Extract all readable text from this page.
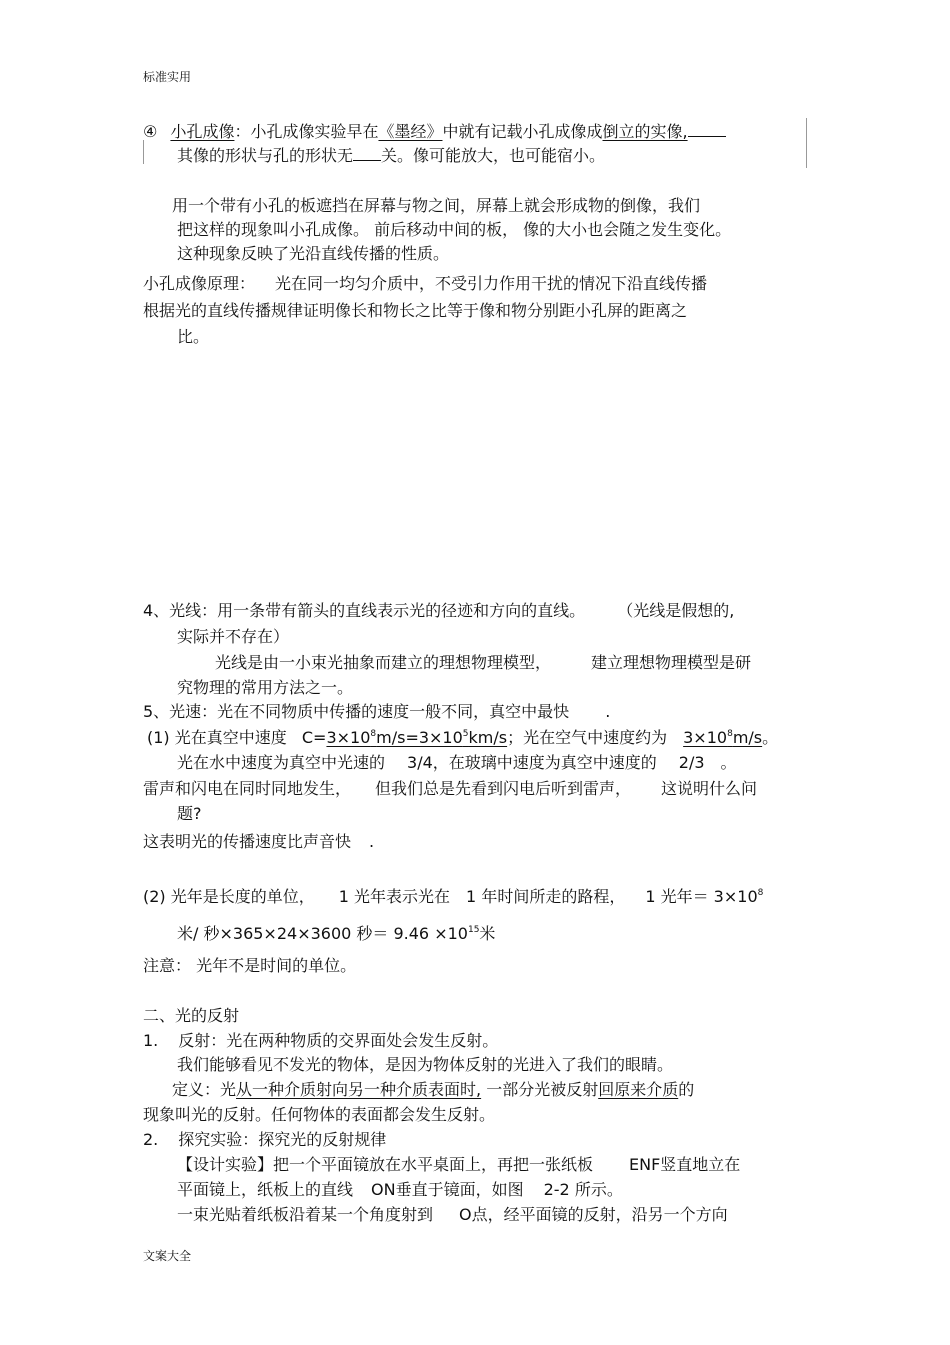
标准实用
④ 小孔成像：小孔成像实验早在《墨经》中就有记载小孔成像成倒立的实像,
其像的形状与孔的形状无 关。像可能放大，也可能宿小。
用一个带有小孔的板遮挡在屏幕与物之间，屏幕上就会形成物的倒像，我们
把这样的现象叫小孔成像。 前后移动中间的板， 像的大小也会随之发生变化。
这种现象反映了光沿直线传播的性质。
小孔成像原理： 光在同一均匀介质中，不受引力作用干扰的情况下沿直线传播
根据光的直线传播规律证明像长和物长之比等于像和物分别距小孔屏的距离之
比。
4、光线：用一条带有箭头的直线表示光的径迹和方向的直线。	（光线是假想的,
实际并不存在）
光线是由一小束光抽象而建立的理想物理模型，	建立理想物理模型是研
究物理的常用方法之一。
5、光速：光在不同物质中传播的速度一般不同，真空中最快 .
(1) 光在真空中速度 $C=3\times 10^8m/s=3\times 10^5km/s$；光在空气中速度约为 $3\times 10^8m/s$。
光在水中速度为真空中光速的 3/4，在玻璃中速度为真空中速度的 2/3 。
雷声和闪电在同时同地发生， 但我们总是先看到闪电后听到雷声， 这说明什么问
题?
这表明光的传播速度比声音快 .
(2) 光年是长度的单位， 1 光年表示光在 1 年时间所走的路程， 1 光年＝ $3\times 10^8$
米/ 秒×365×24×3600 秒＝ $9.46 \times 10^{15}$米
注意： 光年不是时间的单位。
二、光的反射
1. 反射：光在两种物质的交界面处会发生反射。
我们能够看见不发光的物体，是因为物体反射的光进入了我们的眼睛。
定义：光从一种介质射向另一种介质表面时, 一部分光被反射回原来介质的
现象叫光的反射。任何物体的表面都会发生反射。
2. 探究实验：探究光的反射规律
【设计实验】把一个平面镜放在水平桌面上，再把一张纸板 ENF竖直地立在
平面镜上，纸板上的直线 ON垂直于镜面，如图 2-2 所示。
一束光贴着纸板沿着某一个角度射到 O点，经平面镜的反射，沿另一个方向
文案大全
